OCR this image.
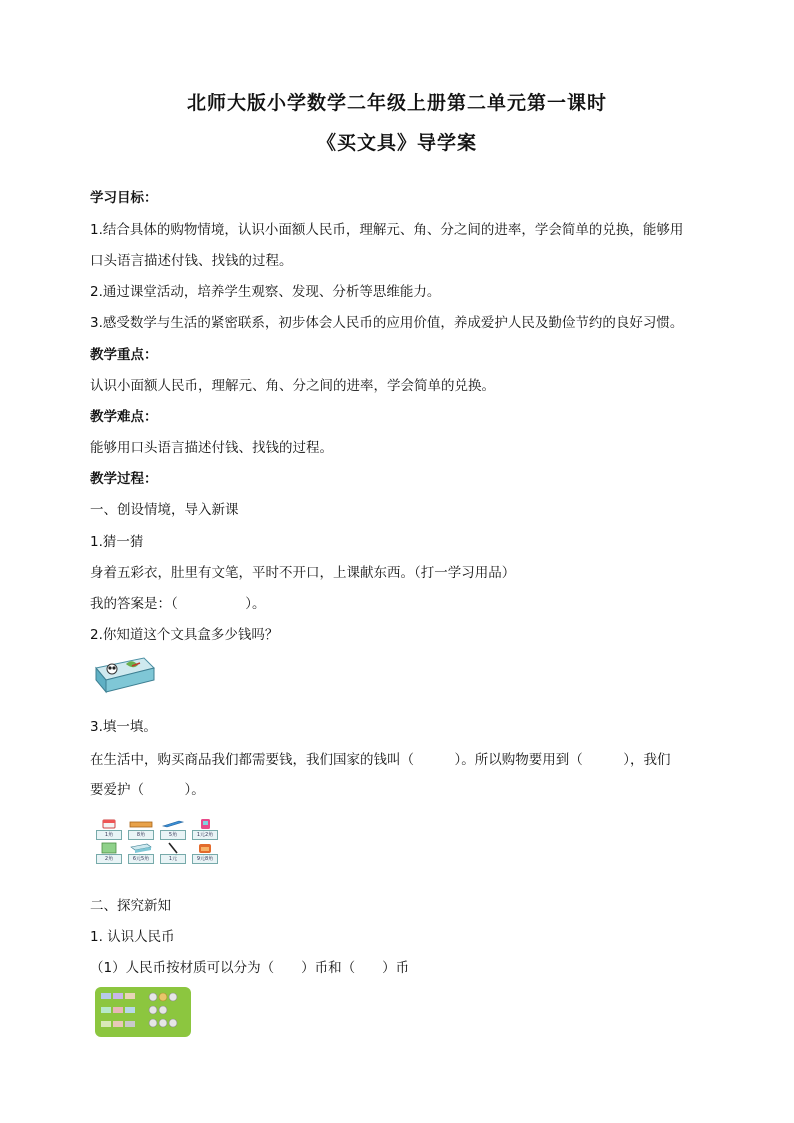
北师大版小学数学二年级上册第二单元第一课时
《买文具》导学案
学习目标：
1.结合具体的购物情境，认识小面额人民币，理解元、角、分之间的进率，学会简单的兑换，能够用
口头语言描述付钱、找钱的过程。
2.通过课堂活动，培养学生观察、发现、分析等思维能力。
3.感受数学与生活的紧密联系，初步体会人民币的应用价值，养成爱护人民及勤俭节约的良好习惯。
教学重点：
认识小面额人民币，理解元、角、分之间的进率，学会简单的兑换。
教学难点：
能够用口头语言描述付钱、找钱的过程。
教学过程：
一、创设情境，导入新课
1.猜一猜
身着五彩衣，肚里有文笔，平时不开口，上课献东西。（打一学习用品）
我的答案是：（　　　　　）。
2.你知道这个文具盒多少钱吗？
3.填一填。
在生活中，购买商品我们都需要钱，我们国家的钱叫（　　　）。所以购物要用到（　　　），我们
要爱护（　　　）。
1角	8角	5角	1元2角
2角	6元5角	1元	9元8角
二、探究新知
1. 认识人民币
（1）人民币按材质可以分为（　　）币和（　　）币
